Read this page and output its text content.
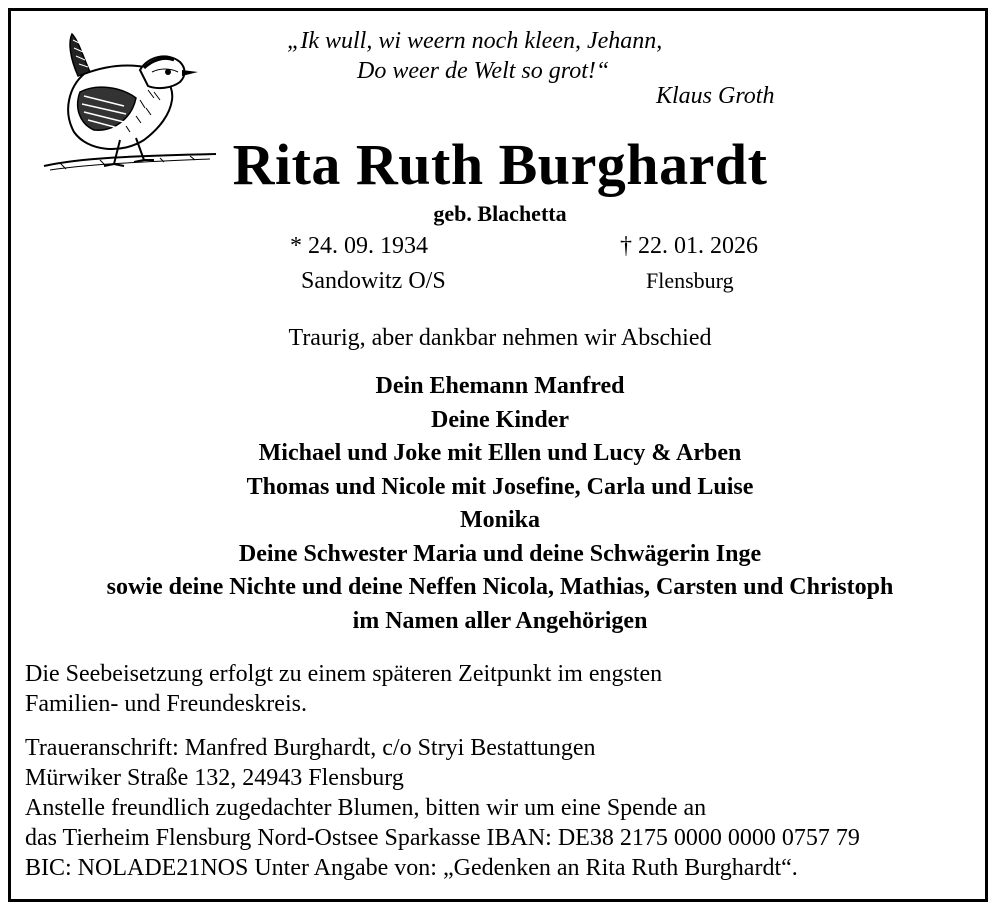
„Ik wull, wi weern noch kleen, Jehann,
Do weer de Welt so grot!“
Klaus Groth
Rita Ruth Burghardt
geb. Blachetta
* 24. 09. 1934
Sandowitz O/S
† 22. 01. 2026
Flensburg
Traurig, aber dankbar nehmen wir Abschied
Dein Ehemann Manfred
Deine Kinder
Michael und Joke mit Ellen und Lucy & Arben
Thomas und Nicole mit Josefine, Carla und Luise
Monika
Deine Schwester Maria und deine Schwägerin Inge
sowie deine Nichte und deine Neffen Nicola, Mathias, Carsten und Christoph
im Namen aller Angehörigen
Die Seebeisetzung erfolgt zu einem späteren Zeitpunkt im engsten
Familien- und Freundeskreis.
Traueranschrift: Manfred Burghardt, c/o Stryi Bestattungen
Mürwiker Straße 132, 24943 Flensburg
Anstelle freundlich zugedachter Blumen, bitten wir um eine Spende an
das Tierheim Flensburg Nord-Ostsee Sparkasse IBAN: DE38 2175 0000 0000 0757 79
BIC: NOLADE21NOS Unter Angabe von: „Gedenken an Rita Ruth Burghardt“.
